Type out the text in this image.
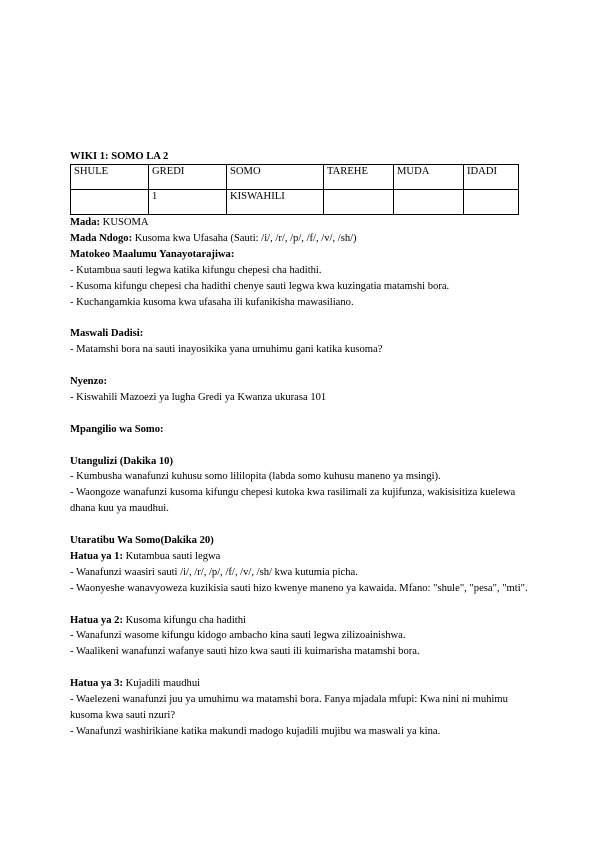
WIKI 1: SOMO LA 2
SHULE	GREDI	SOMO	TAREHE	MUDA	IDADI
	1	KISWAHILI			
Mada: KUSOMA
Mada Ndogo: Kusoma kwa Ufasaha (Sauti: /i/, /r/, /p/, /f/, /v/, /sh/)
Matokeo Maalumu Yanayotarajiwa:
- Kutambua sauti legwa katika kifungu chepesi cha hadithi.
- Kusoma kifungu chepesi cha hadithi chenye sauti legwa kwa kuzingatia matamshi bora.
- Kuchangamkia kusoma kwa ufasaha ili kufanikisha mawasiliano.
Maswali Dadisi:
- Matamshi bora na sauti inayosikika yana umuhimu gani katika kusoma?
Nyenzo:
- Kiswahili Mazoezi ya lugha Gredi ya Kwanza ukurasa 101
Mpangilio wa Somo:
Utangulizi (Dakika 10)
- Kumbusha wanafunzi kuhusu somo lililopita (labda somo kuhusu maneno ya msingi).
- Waongoze wanafunzi kusoma kifungu chepesi kutoka kwa rasilimali za kujifunza, wakisisitiza kuelewa dhana kuu ya maudhui.
Utaratibu Wa Somo(Dakika 20)
Hatua ya 1: Kutambua sauti legwa
- Wanafunzi waasiri sauti /i/, /r/, /p/, /f/, /v/, /sh/ kwa kutumia picha.
- Waonyeshe wanavyoweza kuzikisia sauti hizo kwenye maneno ya kawaida. Mfano: "shule", "pesa", "mti".
Hatua ya 2: Kusoma kifungu cha hadithi
- Wanafunzi wasome kifungu kidogo ambacho kina sauti legwa zilizoainishwa.
- Waalikeni wanafunzi wafanye sauti hizo kwa sauti ili kuimarisha matamshi bora.
Hatua ya 3: Kujadili maudhui
- Waelezeni wanafunzi juu ya umuhimu wa matamshi bora. Fanya mjadala mfupi: Kwa nini ni muhimu kusoma kwa sauti nzuri?
- Wanafunzi washirikiane katika makundi madogo kujadili mujibu wa maswali ya kina.
